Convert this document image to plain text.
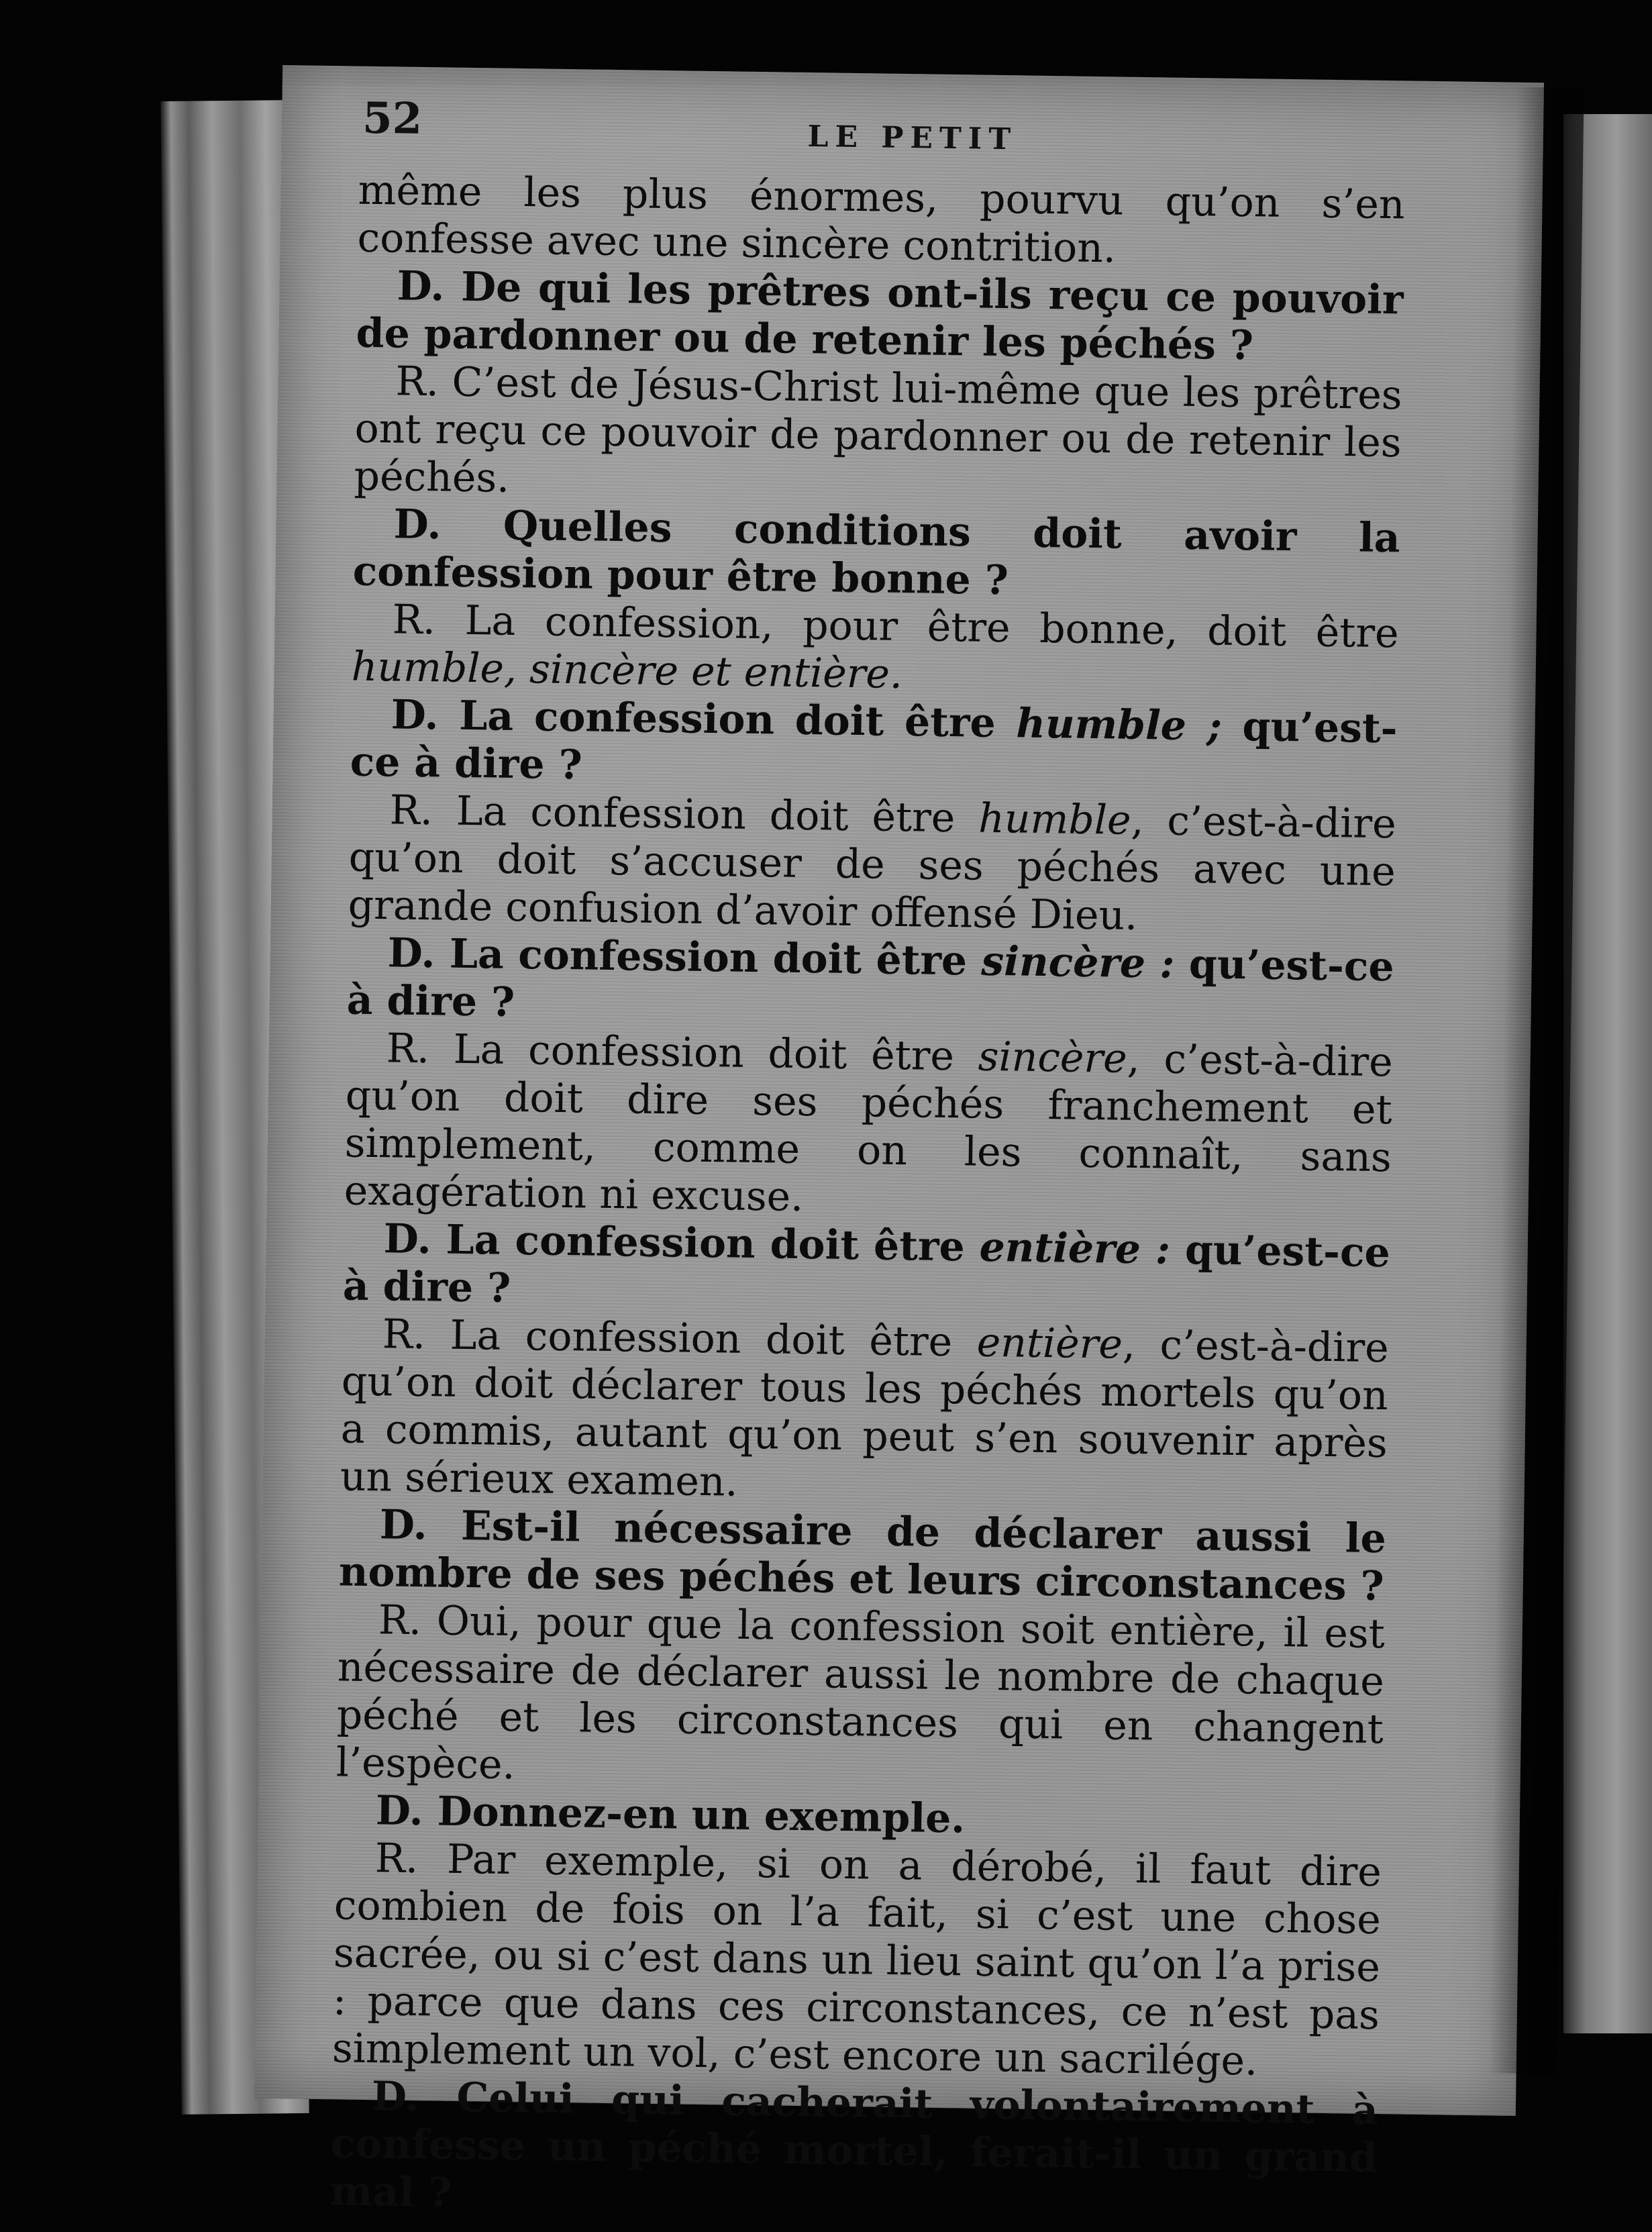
52	LE PETIT

même les plus énormes, pourvu qu’on s’en confesse avec une sincère contrition.

D. De qui les prêtres ont-ils reçu ce pouvoir de pardonner ou de retenir les péchés ?

R. C’est de Jésus-Christ lui-même que les prêtres ont reçu ce pouvoir de pardonner ou de retenir les péchés.

D. Quelles conditions doit avoir la confession pour être bonne ?

R. La confession, pour être bonne, doit être humble, sincère et entière.

D. La confession doit être humble ; qu’est-ce à dire ?

R. La confession doit être humble, c’est-à-dire qu’on doit s’accuser de ses péchés avec une grande confusion d’avoir offensé Dieu.

D. La confession doit être sincère : qu’est-ce à dire ?

R. La confession doit être sincère, c’est-à-dire qu’on doit dire ses péchés franchement et simplement, comme on les connaît, sans exagération ni excuse.

D. La confession doit être entière : qu’est-ce à dire ?

R. La confession doit être entière, c’est-à-dire qu’on doit déclarer tous les péchés mortels qu’on a commis, autant qu’on peut s’en souvenir après un sérieux examen.

D. Est-il nécessaire de déclarer aussi le nombre de ses péchés et leurs circonstances ?

R. Oui, pour que la confession soit entière, il est nécessaire de déclarer aussi le nombre de chaque péché et les circonstances qui en changent l’espèce.

D. Donnez-en un exemple.

R. Par exemple, si on a dérobé, il faut dire combien de fois on l’a fait, si c’est une chose sacrée, ou si c’est dans un lieu saint qu’on l’a prise : parce que dans ces circonstances, ce n’est pas simplement un vol, c’est encore un sacrilége.

D. Celui qui cacherait volontairement à confesse un péché mortel, ferait-il un grand mal ?
